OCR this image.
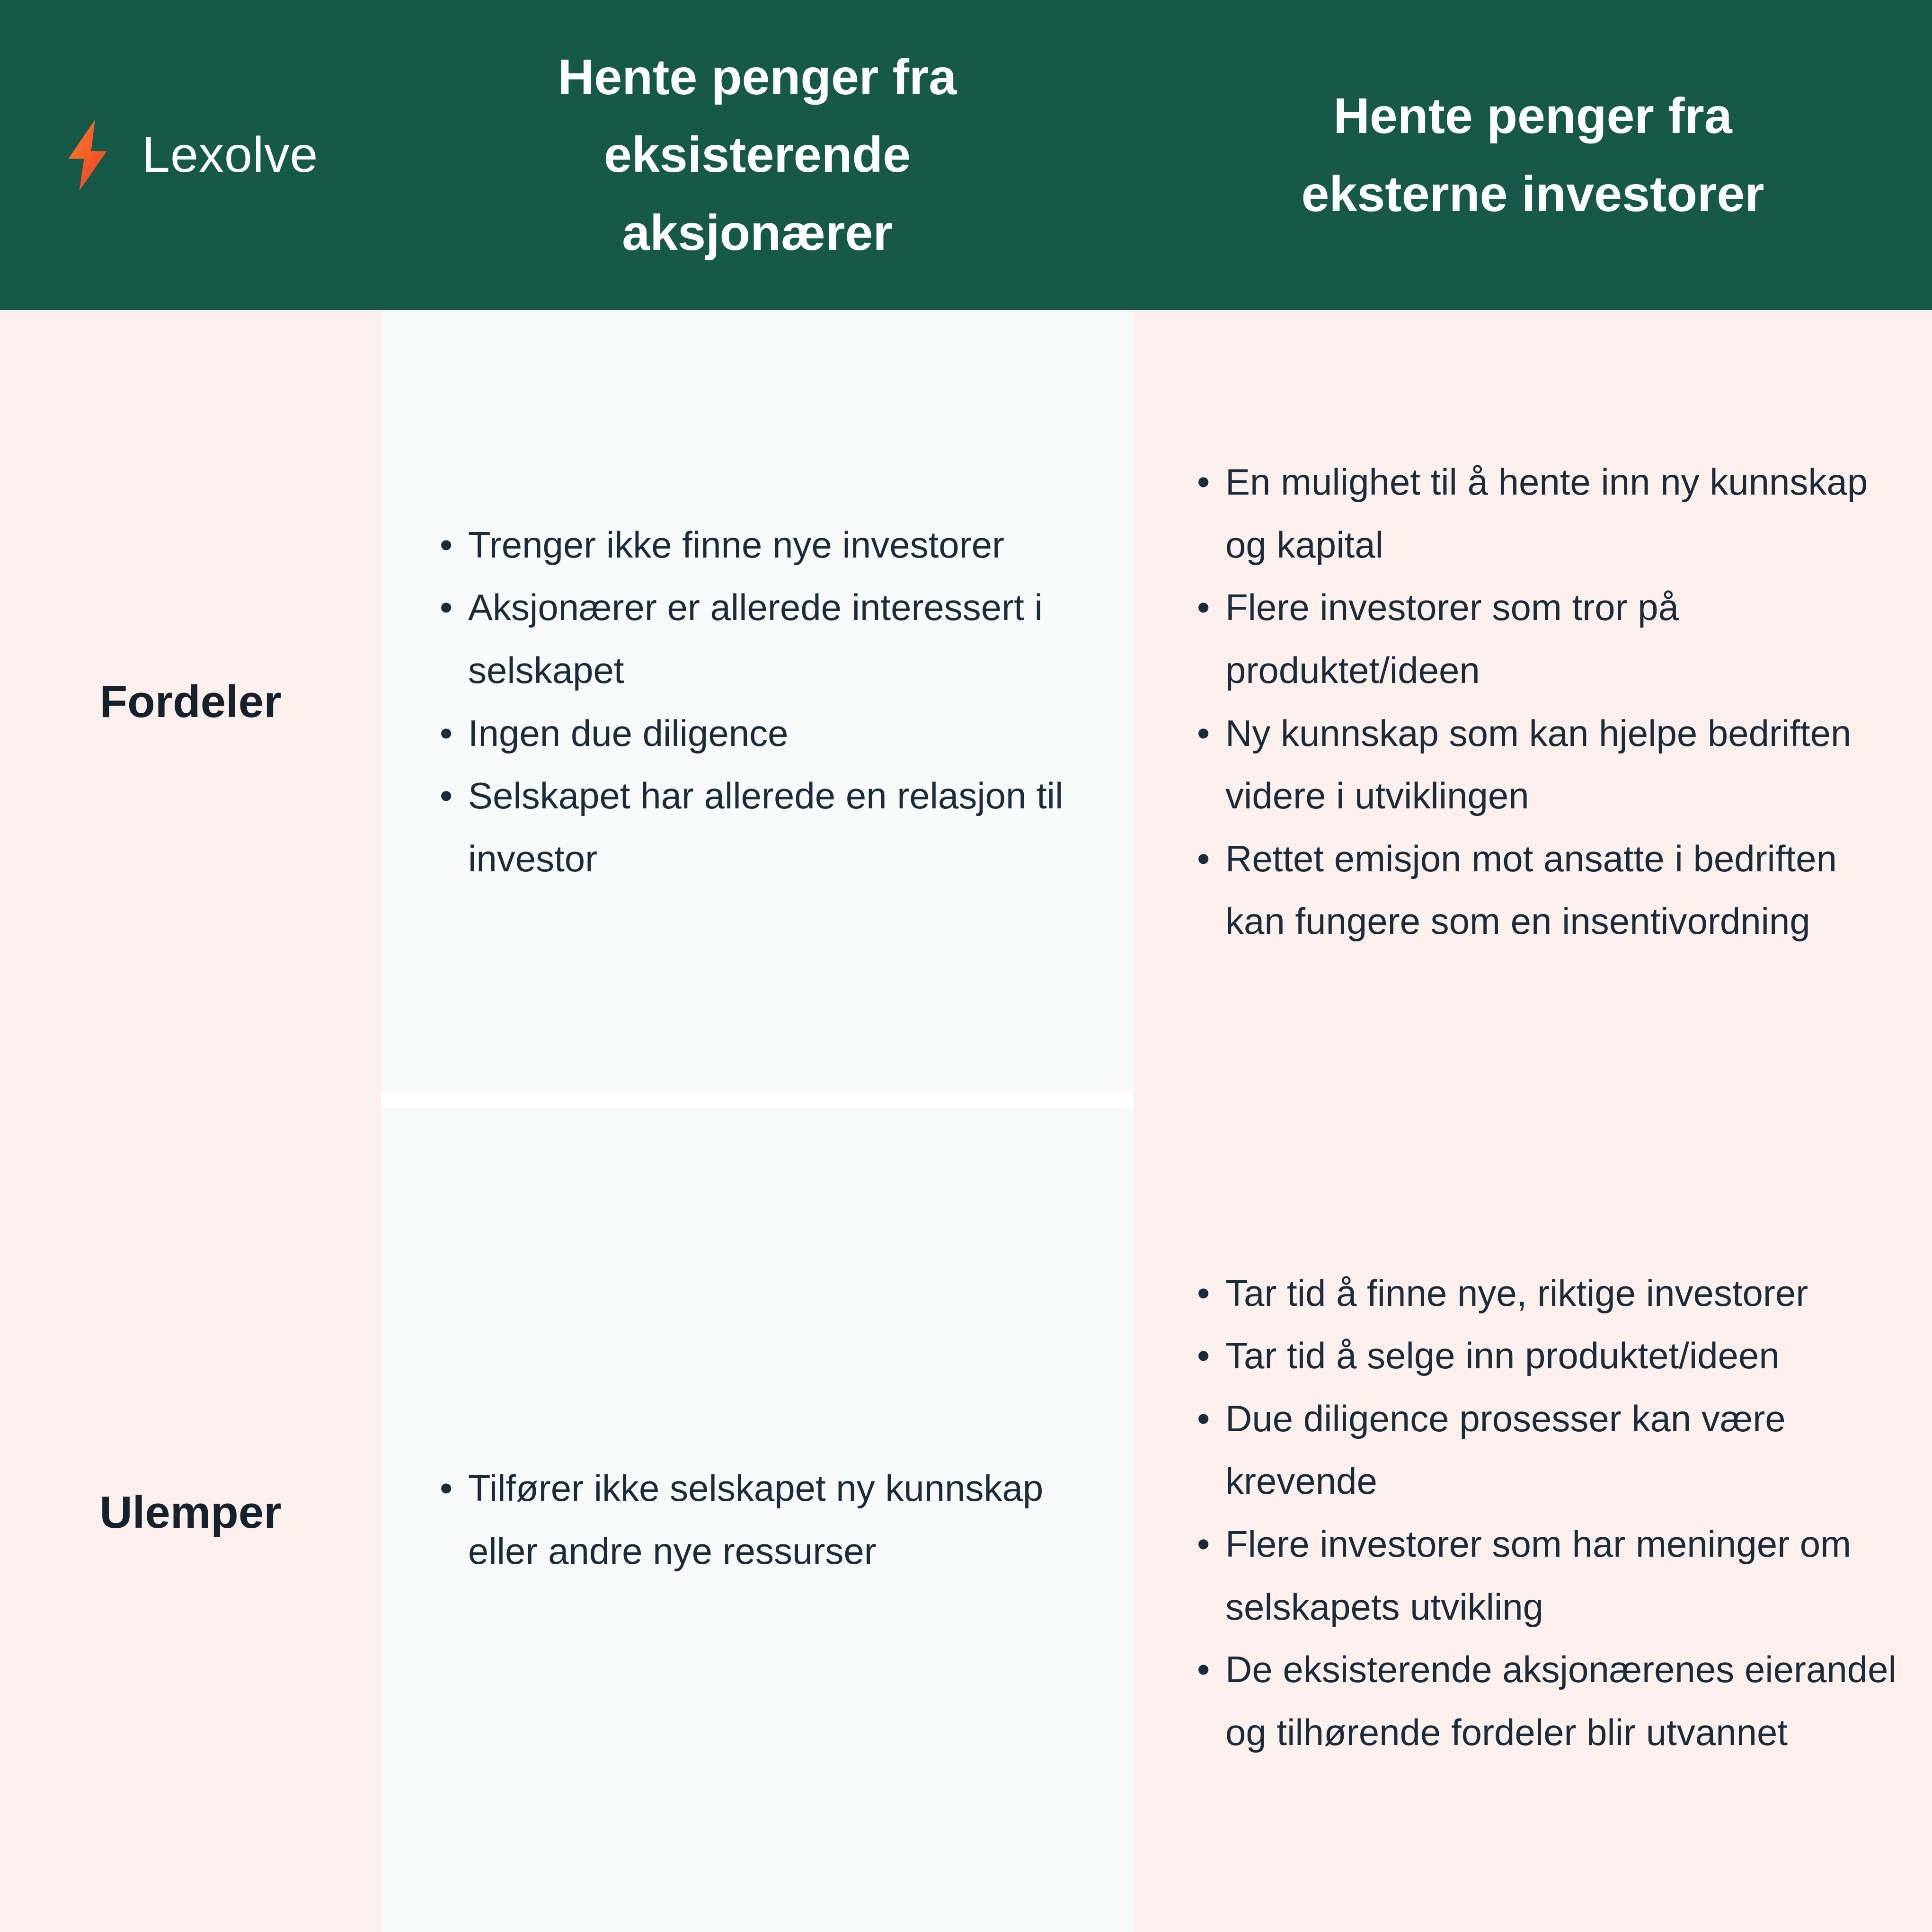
Lexolve
Hente penger fra eksisterende aksjonærer
Hente penger fra eksterne investorer
Fordeler
Ulemper
• Trenger ikke finne nye investorer
• Aksjonærer er allerede interessert i selskapet
• Ingen due diligence
• Selskapet har allerede en relasjon til investor
• Tilfører ikke selskapet ny kunnskap eller andre nye ressurser
• En mulighet til å hente inn ny kunnskap og kapital
• Flere investorer som tror på produktet/ideen
• Ny kunnskap som kan hjelpe bedriften videre i utviklingen
• Rettet emisjon mot ansatte i bedriften kan fungere som en insentivordning
• Tar tid å finne nye, riktige investorer
• Tar tid å selge inn produktet/ideen
• Due diligence prosesser kan være krevende
• Flere investorer som har meninger om selskapets utvikling
• De eksisterende aksjonærenes eierandel og tilhørende fordeler blir utvannet
